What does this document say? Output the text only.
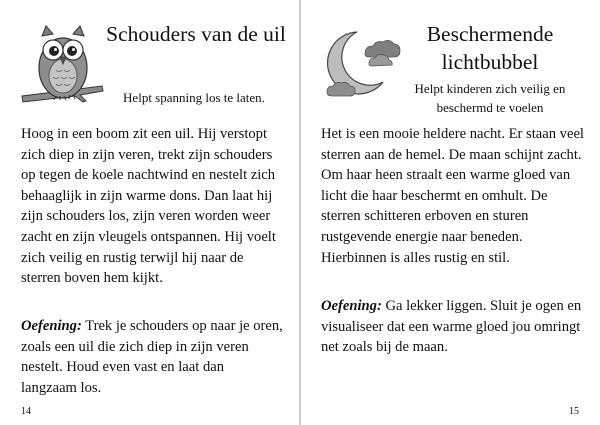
Schouders van de uil

Helpt spanning los te laten.

Hoog in een boom zit een uil. Hij verstopt zich diep in zijn veren, trekt zijn schouders op tegen de koele nachtwind en nestelt zich behaaglijk in zijn warme dons. Dan laat hij zijn schouders los, zijn veren worden weer zacht en zijn vleugels ontspannen. Hij voelt zich veilig en rustig terwijl hij naar de sterren boven hem kijkt.

Oefening: Trek je schouders op naar je oren, zoals een uil die zich diep in zijn veren nestelt. Houd even vast en laat dan langzaam los.

14
Beschermende lichtbubbel

Helpt kinderen zich veilig en beschermd te voelen

Het is een mooie heldere nacht. Er staan veel sterren aan de hemel. De maan schijnt zacht. Om haar heen straalt een warme gloed van licht die haar beschermt en omhult. De sterren schitteren erboven en sturen rustgevende energie naar beneden. Hierbinnen is alles rustig en stil.

Oefening: Ga lekker liggen. Sluit je ogen en visualiseer dat een warme gloed jou omringt net zoals bij de maan.

15
